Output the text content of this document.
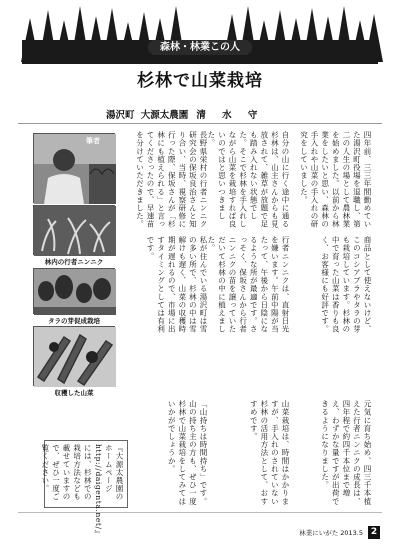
森林・林業この人
杉林で山菜栽培
湯沢町 大源太農園 清 水 守
筆者
林内の行者ニンニク
タラの芽促成栽培
収穫した山菜
四年前、三三年間勤めていた湯沢町役場を退職し、第二の人生の場として農林業を始めました。以前から林業をしたいと思い、森林の手入れや山菜の手入れの研究をしていました。
自分の山に行く途中に通る杉林は、山主さんからも見放されて、雑草が放題で足も踏み入れない状態でした。そこで杉林を手入れしながら山菜を栽培すれば良いのではと思いつきました。
長野県栄村の行者ニンニク研究会の保坂良治さんと知り合い、当時、視察研修に行った際、保坂さんが「杉林にも植えられる」と言ってくださったので、早速苗を分けていただきました。
商品として使えないけど、このコシアブラやタラの芽も栽培しています。杉林の中で育った山菜は香りも良く、お客様にも好評です。
行者ニンニクは、直射日光を嫌います。午前中陽が当たって、午後から日陰になるような所が最適です。さっそく、保坂さんから行者ニンニクの苗を譲っていただいて杉林の中に植えました。
私が住んでいる湯沢町は雪の多い所で、杉林の中は雪解けも遅く、山菜の収穫時期が遅れるので、市場に出すタイミングとしては有利です。
元気に育ち始め、四三千本植えた行者ニンニクの成長は、四年程で約四千本位まで増え、わずかな量ですが出荷できるようになりました。
山菜栽培は、時間はかかりますが、手入れのされていない杉林の活用方法として、おすすめです。
「山持ちは時間持ち」です。山の持ち主の方も、ぜひ一度杉林で山菜栽培をしてみてはいかがでしょうか。
『大源太農園のホームページ http://daigenta.net/』には、杉林での栽培方法なども載せていますので、ぜひ一度ご覧ください。
林業にいがた 2013.5 2
